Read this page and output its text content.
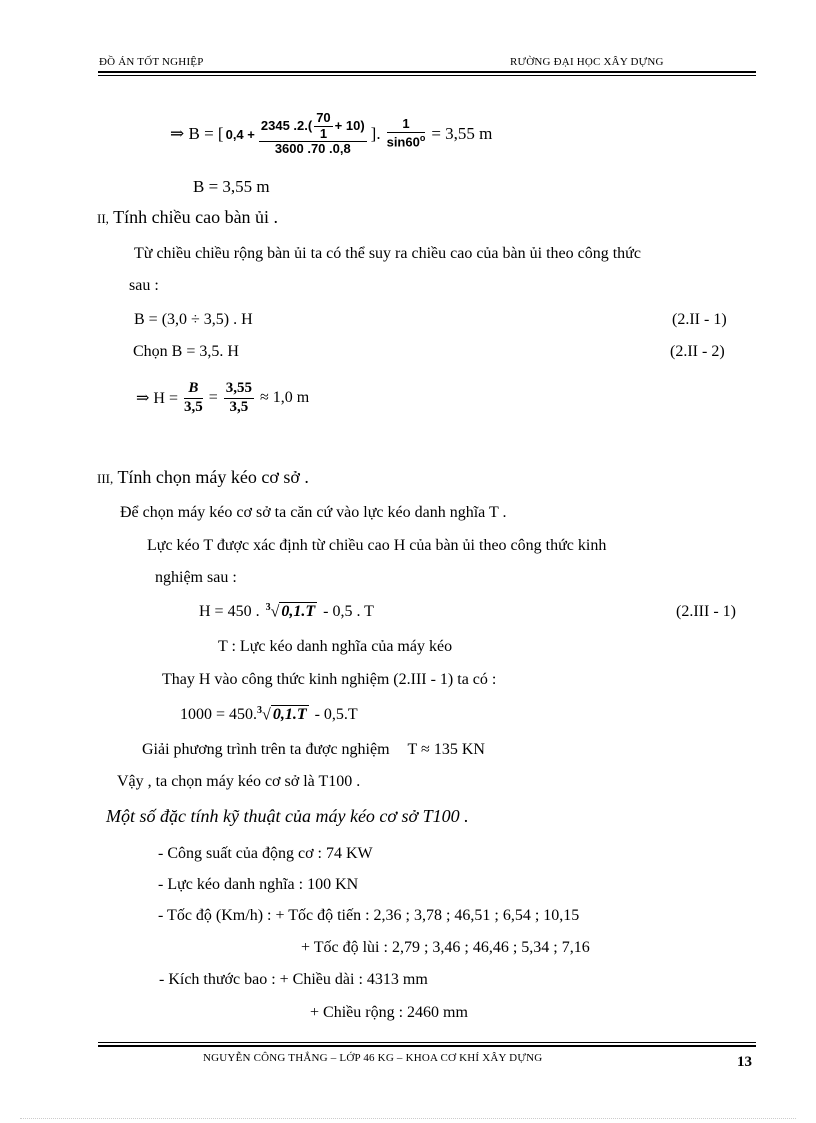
ĐỒ ÁN TỐT NGHIỆP	RƯỜNG ĐẠI HỌC XÂY DỰNG
⇒
B = [ $0,4 + \frac{2345 .2.( \frac{70}{1} + 10)}{3600 .70 .0,8}$ ]. $\frac{1}{\sin 60^o} = 3,55$ m
B = 3,55 m
II, Tính chiều cao bàn ủi .
Từ chiều chiều rộng bàn ủi ta có thể suy ra chiều cao của bàn ủi theo công thức
sau :
B = (3,0 ÷ 3,5) . H	(2.II - 1)
Chọn B = 3,5. H	(2.II - 2)
⇒ $H = \frac{B}{3,5} = \frac{3,55}{3,5} \approx 1,0$ m
III, Tính chọn máy kéo cơ sở .
Để chọn máy kéo cơ sở ta căn cứ vào lực kéo danh nghĩa T .
Lực kéo T được xác định từ chiều cao H của bàn ủi theo công thức kinh
nghiệm sau :
H = 450 . $^3$√ 0,1.T - 0,5 . T	(2.III - 1)
T : Lực kéo danh nghĩa của máy kéo
Thay H vào công thức kinh nghiệm (2.III - 1) ta có :
1000 = 450. $^3$√ 0,1.T - 0,5.T
Giải phương trình trên ta được nghiệm T ≈ 135 KN
Vậy , ta chọn máy kéo cơ sở là T100 .
Một số đặc tính kỹ thuật của máy kéo cơ sở T100 .
- Công suất của động cơ : 74 KW
- Lực kéo danh nghĩa : 100 KN
- Tốc độ (Km/h) : + Tốc độ tiến : 2,36 ; 3,78 ; 46,51 ; 6,54 ; 10,15
+ Tốc độ lùi : 2,79 ; 3,46 ; 46,46 ; 5,34 ; 7,16
- Kích thước bao : + Chiều dài : 4313 mm
+ Chiều rộng : 2460 mm
NGUYỄN CÔNG THẮNG – LỚP 46 KG – KHOA CƠ KHÍ XÂY DỰNG	13
